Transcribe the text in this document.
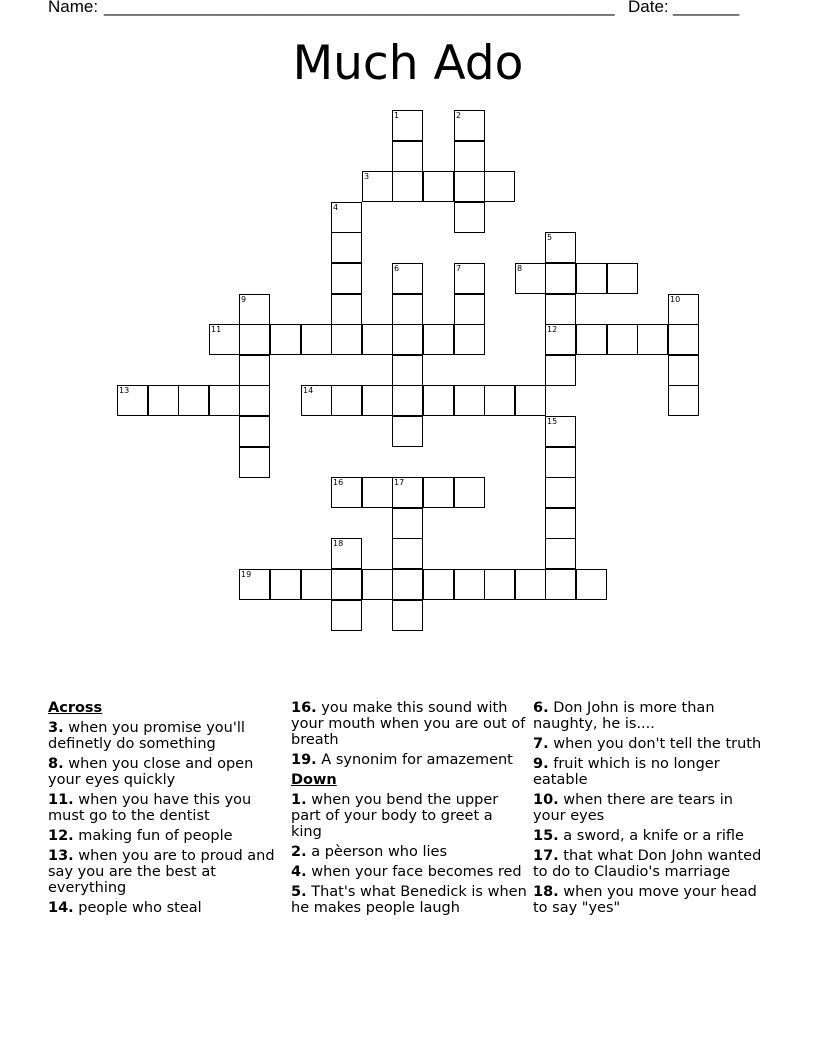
Name: ______________________________________________________ Date: _______
Much Ado
1	2
3
4
5
6	7	8
9	10
11	12
13	14
15
16	17
18
19
Across
3. when you promise you'll definetly do something
8. when you close and open your eyes quickly
11. when you have this you must go to the dentist
12. making fun of people
13. when you are to proud and say you are the best at everything
14. people who steal
16. you make this sound with your mouth when you are out of breath
19. A synonim for amazement
Down
1. when you bend the upper part of your body to greet a king
2. a pèerson who lies
4. when your face becomes red
5. That's what Benedick is when he makes people laugh
6. Don John is more than naughty, he is....
7. when you don't tell the truth
9. fruit which is no longer eatable
10. when there are tears in your eyes
15. a sword, a knife or a rifle
17. that what Don John wanted to do to Claudio's marriage
18. when you move your head to say "yes"
